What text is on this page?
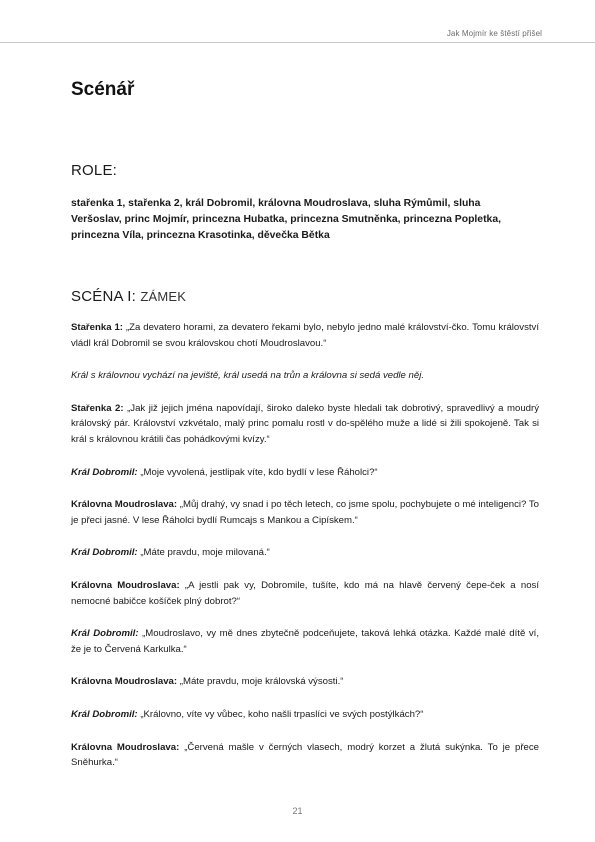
Jak Mojmír ke štěstí přišel
Scénář
ROLE:

stařenka 1, stařenka 2, král Dobromil, královna Moudroslava, sluha Rýmůmil, sluha Veršoslav, princ Mojmír, princezna Hubatka, princezna Smutněnka, princezna Popletka, princezna Víla, princezna Krasotinka, děvečka Bětka

SCÉNA I: ZÁMEK

Stařenka 1: „Za devatero horami, za devatero řekami bylo, nebylo jedno malé království-čko. Tomu království vládl král Dobromil se svou královskou chotí Moudroslavou.“

Král s královnou vychází na jeviště, král usedá na trůn a královna si sedá vedle něj.

Stařenka 2: „Jak již jejich jména napovídají, široko daleko byste hledali tak dobrotivý, spravedlivý a moudrý královský pár. Království vzkvétalo, malý princ pomalu rostl v do-spělého muže a lidé si žili spokojeně. Tak si král s královnou krátili čas pohádkovými kvízy.“

Král Dobromil: „Moje vyvolená, jestlipak víte, kdo bydlí v lese Řáholci?“

Královna Moudroslava: „Můj drahý, vy snad i po těch letech, co jsme spolu, pochybujete o mé inteligenci? To je přeci jasné. V lese Řáholci bydlí Rumcajs s Mankou a Cipískem.“

Král Dobromil: „Máte pravdu, moje milovaná.“

Královna Moudroslava: „A jestli pak vy, Dobromile, tušíte, kdo má na hlavě červený čepe-ček a nosí nemocné babičce košíček plný dobrot?“

Král Dobromil: „Moudroslavo, vy mě dnes zbytečně podceňujete, taková lehká otázka. Každé malé dítě ví, že je to Červená Karkulka.“

Královna Moudroslava: „Máte pravdu, moje královská výsosti.“

Král Dobromil: „Královno, víte vy vůbec, koho našli trpaslíci ve svých postýlkách?“

Královna Moudroslava: „Červená mašle v černých vlasech, modrý korzet a žlutá sukýnka. To je přece Sněhurka.“

21
